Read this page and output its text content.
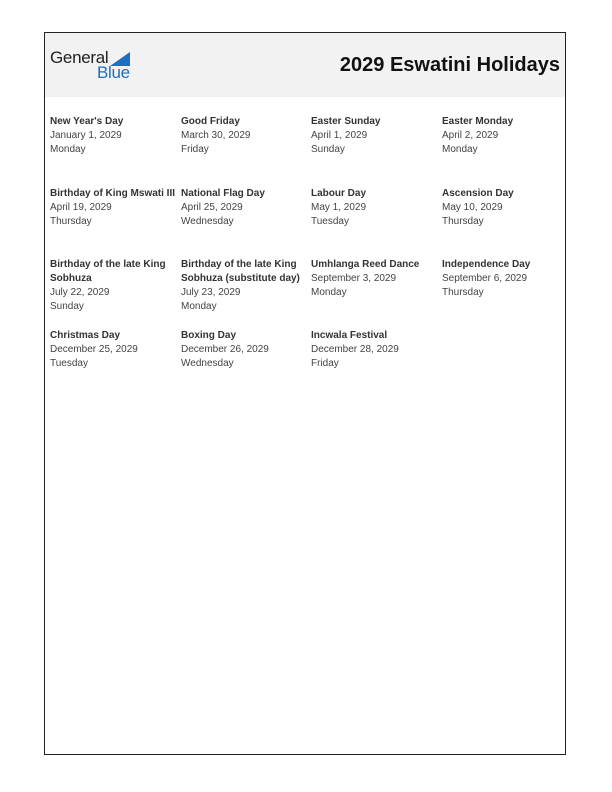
General
Blue	2029 Eswatini Holidays
New Year's Day
January 1, 2029
Monday
Good Friday
March 30, 2029
Friday
Easter Sunday
April 1, 2029
Sunday
Easter Monday
April 2, 2029
Monday
Birthday of King Mswati III
April 19, 2029
Thursday
National Flag Day
April 25, 2029
Wednesday
Labour Day
May 1, 2029
Tuesday
Ascension Day
May 10, 2029
Thursday
Birthday of the late King Sobhuza
July 22, 2029
Sunday
Birthday of the late King Sobhuza (substitute day)
July 23, 2029
Monday
Umhlanga Reed Dance
September 3, 2029
Monday
Independence Day
September 6, 2029
Thursday
Christmas Day
December 25, 2029
Tuesday
Boxing Day
December 26, 2029
Wednesday
Incwala Festival
December 28, 2029
Friday
